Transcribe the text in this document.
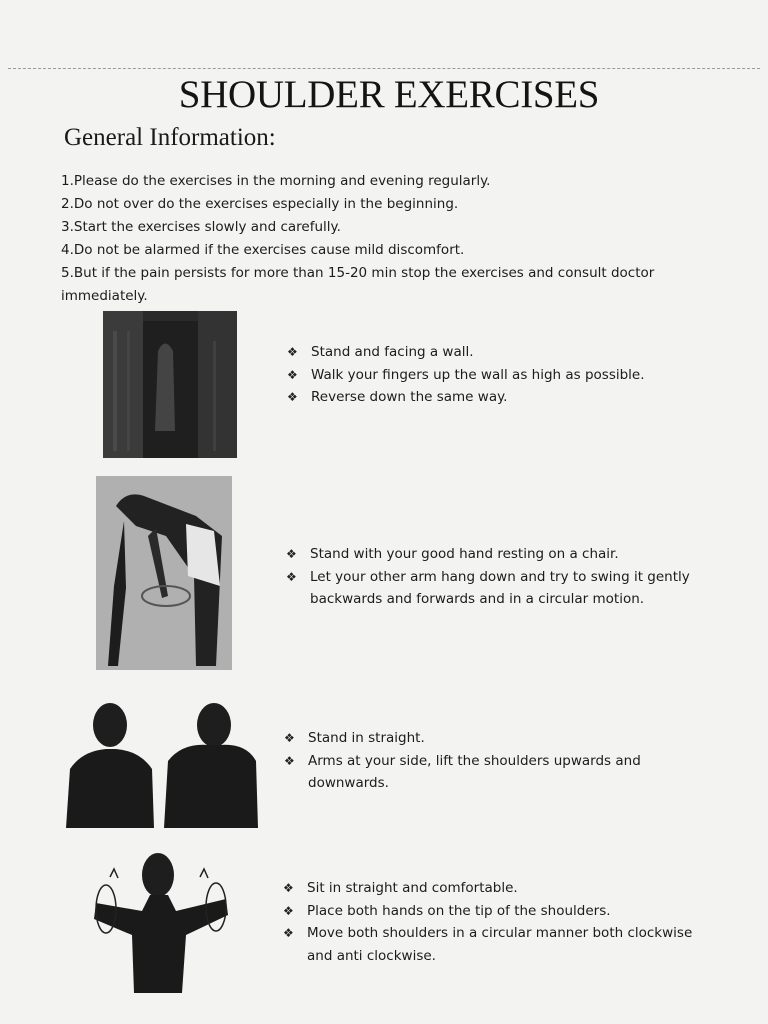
SHOULDER EXERCISES
General Information:
1.Please do the exercises in the morning and evening regularly.
2.Do not over do the exercises especially in the beginning.
3.Start the exercises slowly and carefully.
4.Do not be alarmed if the exercises cause mild discomfort.
5.But if the pain persists for more than 15-20 min stop the exercises and consult doctor immediately.
❖ Stand and facing a wall.
❖ Walk your fingers up the wall as high as possible.
❖ Reverse down the same way.
❖ Stand with your good hand resting on a chair.
❖ Let your other arm hang down and try to swing it gently backwards and forwards and in a circular motion.
❖ Stand in straight.
❖ Arms at your side, lift the shoulders upwards and downwards.
❖ Sit in straight and comfortable.
❖ Place both hands on the tip of the shoulders.
❖ Move both shoulders in a circular manner both clockwise and anti clockwise.
